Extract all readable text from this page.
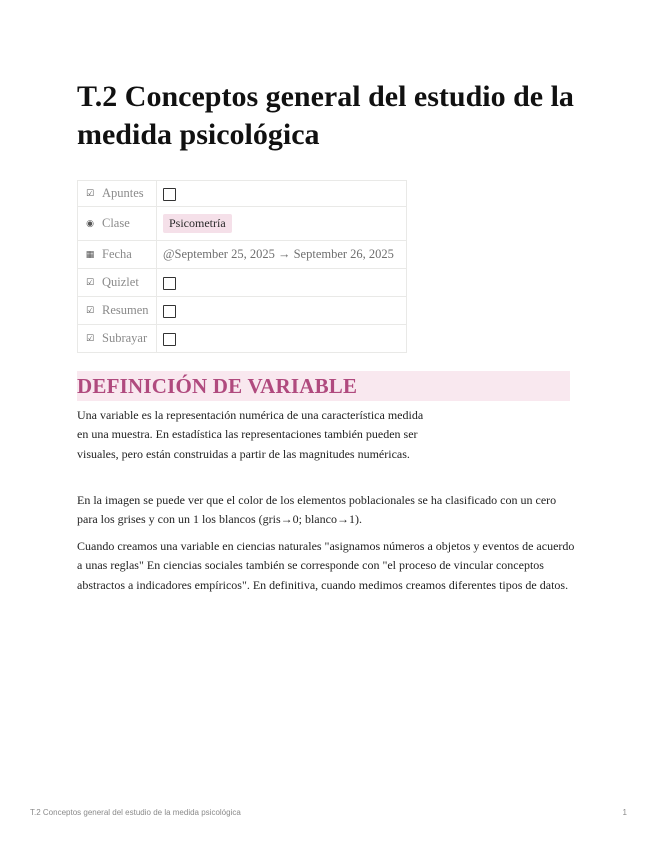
T.2 Conceptos general del estudio de la medida psicológica
☑ Apuntes	
◉ Clase	Psicometría
▦ Fecha	@September 25, 2025 → September 26, 2025
☑ Quizlet	
☑ Resumen	
☑ Subrayar	
DEFINICIÓN DE VARIABLE

Una variable es la representación numérica de una característica medida en una muestra. En estadística las representaciones también pueden ser visuales, pero están construidas a partir de las magnitudes numéricas.

En la imagen se puede ver que el color de los elementos poblacionales se ha clasificado con un cero para los grises y con un 1 los blancos (gris→0; blanco→1).

Cuando creamos una variable en ciencias naturales "asignamos números a objetos y eventos de acuerdo a unas reglas" En ciencias sociales también se corresponde con "el proceso de vincular conceptos abstractos a indicadores empíricos". En definitiva, cuando medimos creamos diferentes tipos de datos.

T.2 Conceptos general del estudio de la medida psicológica	1
